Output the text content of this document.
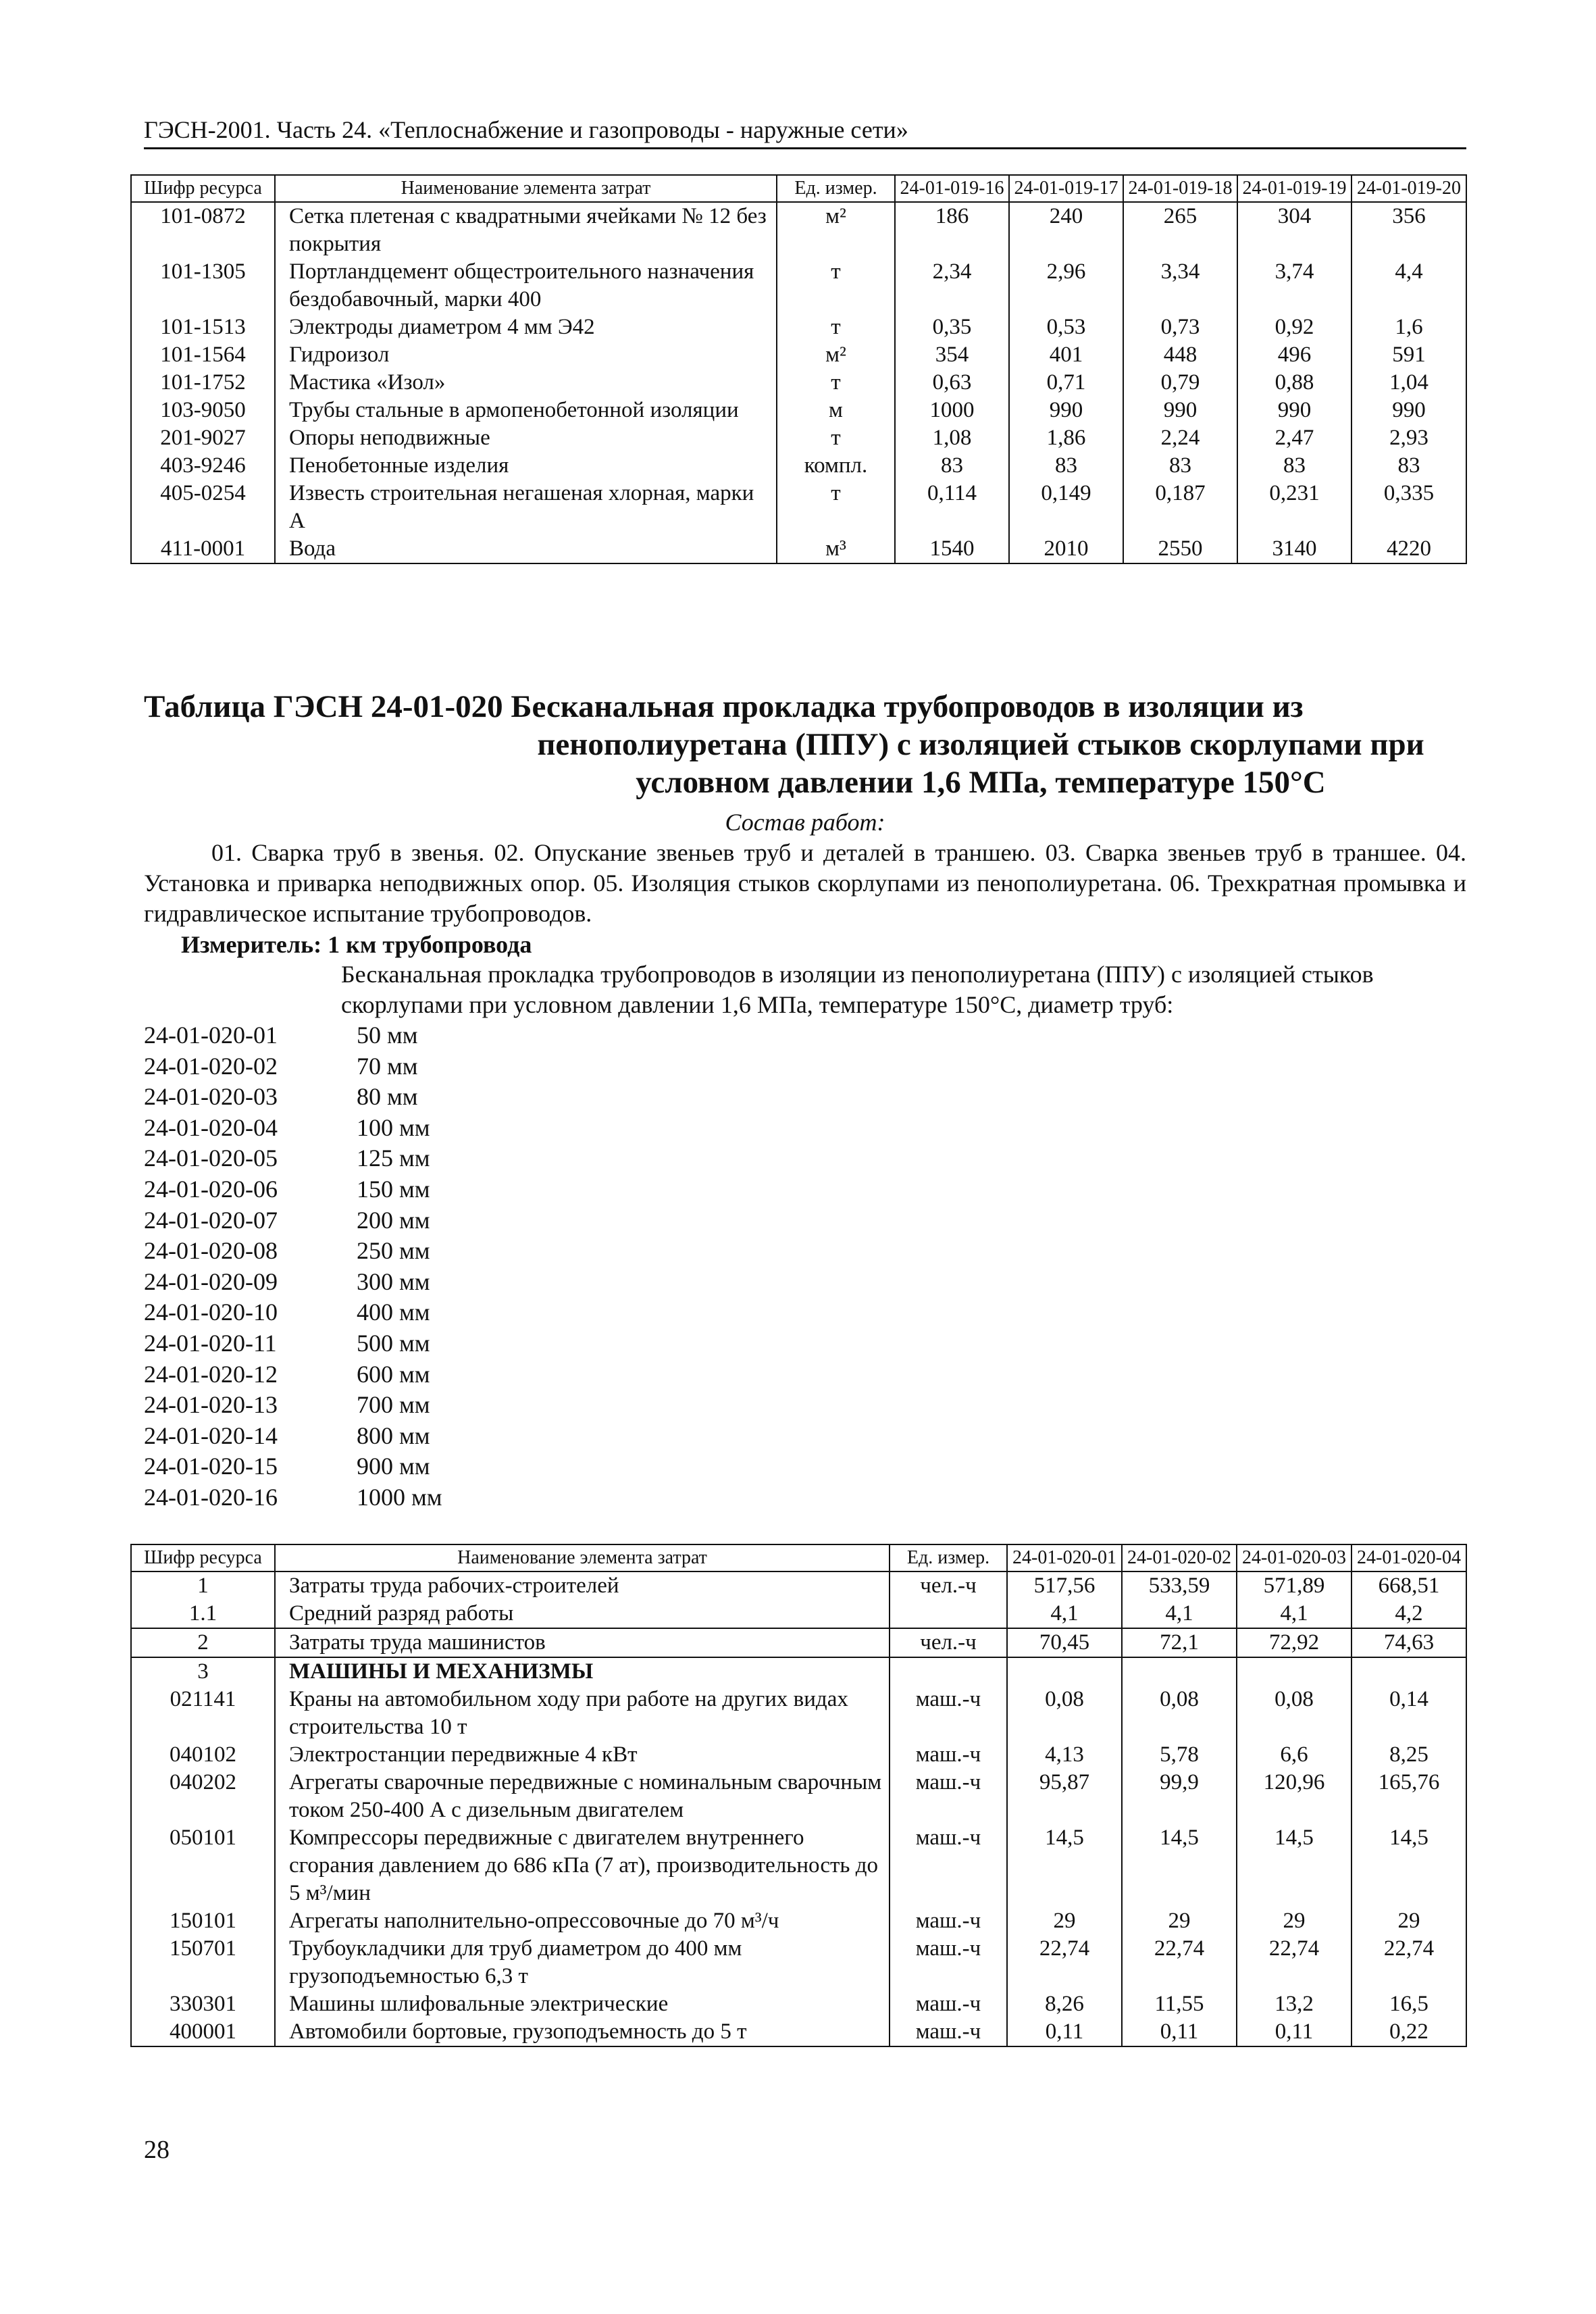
ГЭСН-2001. Часть 24. «Теплоснабжение и газопроводы - наружные сети»
Шифр ресурса	Наименование элемента затрат	Ед. измер.	24-01-019-16	24-01-019-17	24-01-019-18	24-01-019-19	24-01-019-20
101-0872	Сетка плетеная с квадратными ячейками № 12 без покрытия	м²	186	240	265	304	356
101-1305	Портландцемент общестроительного назначения бездобавочный, марки 400	т	2,34	2,96	3,34	3,74	4,4
101-1513	Электроды диаметром 4 мм Э42	т	0,35	0,53	0,73	0,92	1,6
101-1564	Гидроизол	м²	354	401	448	496	591
101-1752	Мастика «Изол»	т	0,63	0,71	0,79	0,88	1,04
103-9050	Трубы стальные в армопенобетонной изоляции	м	1000	990	990	990	990
201-9027	Опоры неподвижные	т	1,08	1,86	2,24	2,47	2,93
403-9246	Пенобетонные изделия	компл.	83	83	83	83	83
405-0254	Известь строительная негашеная хлорная, марки А	т	0,114	0,149	0,187	0,231	0,335
411-0001	Вода	м³	1540	2010	2550	3140	4220
Таблица ГЭСН 24-01-020 Бесканальная прокладка трубопроводов в изоляции из
пенополиуретана (ППУ) с изоляцией стыков скорлупами при
условном давлении 1,6 МПа, температуре 150°С
Состав работ:
01. Сварка труб в звенья. 02. Опускание звеньев труб и деталей в траншею. 03. Сварка звеньев труб в траншее. 04. Установка и приварка неподвижных опор. 05. Изоляция стыков скорлупами из пенополиуретана. 06. Трехкратная промывка и гидравлическое испытание трубопроводов.
Измеритель: 1 км трубопровода
Бесканальная прокладка трубопроводов в изоляции из пенополиуретана (ППУ) с изоляцией стыков скорлупами при условном давлении 1,6 МПа, температуре 150°С, диаметр труб:
24-01-020-01	50 мм
24-01-020-02	70 мм
24-01-020-03	80 мм
24-01-020-04	100 мм
24-01-020-05	125 мм
24-01-020-06	150 мм
24-01-020-07	200 мм
24-01-020-08	250 мм
24-01-020-09	300 мм
24-01-020-10	400 мм
24-01-020-11	500 мм
24-01-020-12	600 мм
24-01-020-13	700 мм
24-01-020-14	800 мм
24-01-020-15	900 мм
24-01-020-16	1000 мм
Шифр ресурса	Наименование элемента затрат	Ед. измер.	24-01-020-01	24-01-020-02	24-01-020-03	24-01-020-04
1	Затраты труда рабочих-строителей	чел.-ч	517,56	533,59	571,89	668,51
1.1	Средний разряд работы		4,1	4,1	4,1	4,2
2	Затраты труда машинистов	чел.-ч	70,45	72,1	72,92	74,63
3	МАШИНЫ И МЕХАНИЗМЫ					
021141	Краны на автомобильном ходу при работе на других видах строительства 10 т	маш.-ч	0,08	0,08	0,08	0,14
040102	Электростанции передвижные 4 кВт	маш.-ч	4,13	5,78	6,6	8,25
040202	Агрегаты сварочные передвижные с номинальным сварочным током 250-400 А с дизельным двигателем	маш.-ч	95,87	99,9	120,96	165,76
050101	Компрессоры передвижные с двигателем внутреннего сгорания давлением до 686 кПа (7 ат), производительность до 5 м³/мин	маш.-ч	14,5	14,5	14,5	14,5
150101	Агрегаты наполнительно-опрессовочные до 70 м³/ч	маш.-ч	29	29	29	29
150701	Трубоукладчики для труб диаметром до 400 мм грузоподъемностью 6,3 т	маш.-ч	22,74	22,74	22,74	22,74
330301	Машины шлифовальные электрические	маш.-ч	8,26	11,55	13,2	16,5
400001	Автомобили бортовые, грузоподъемность до 5 т	маш.-ч	0,11	0,11	0,11	0,22
28
